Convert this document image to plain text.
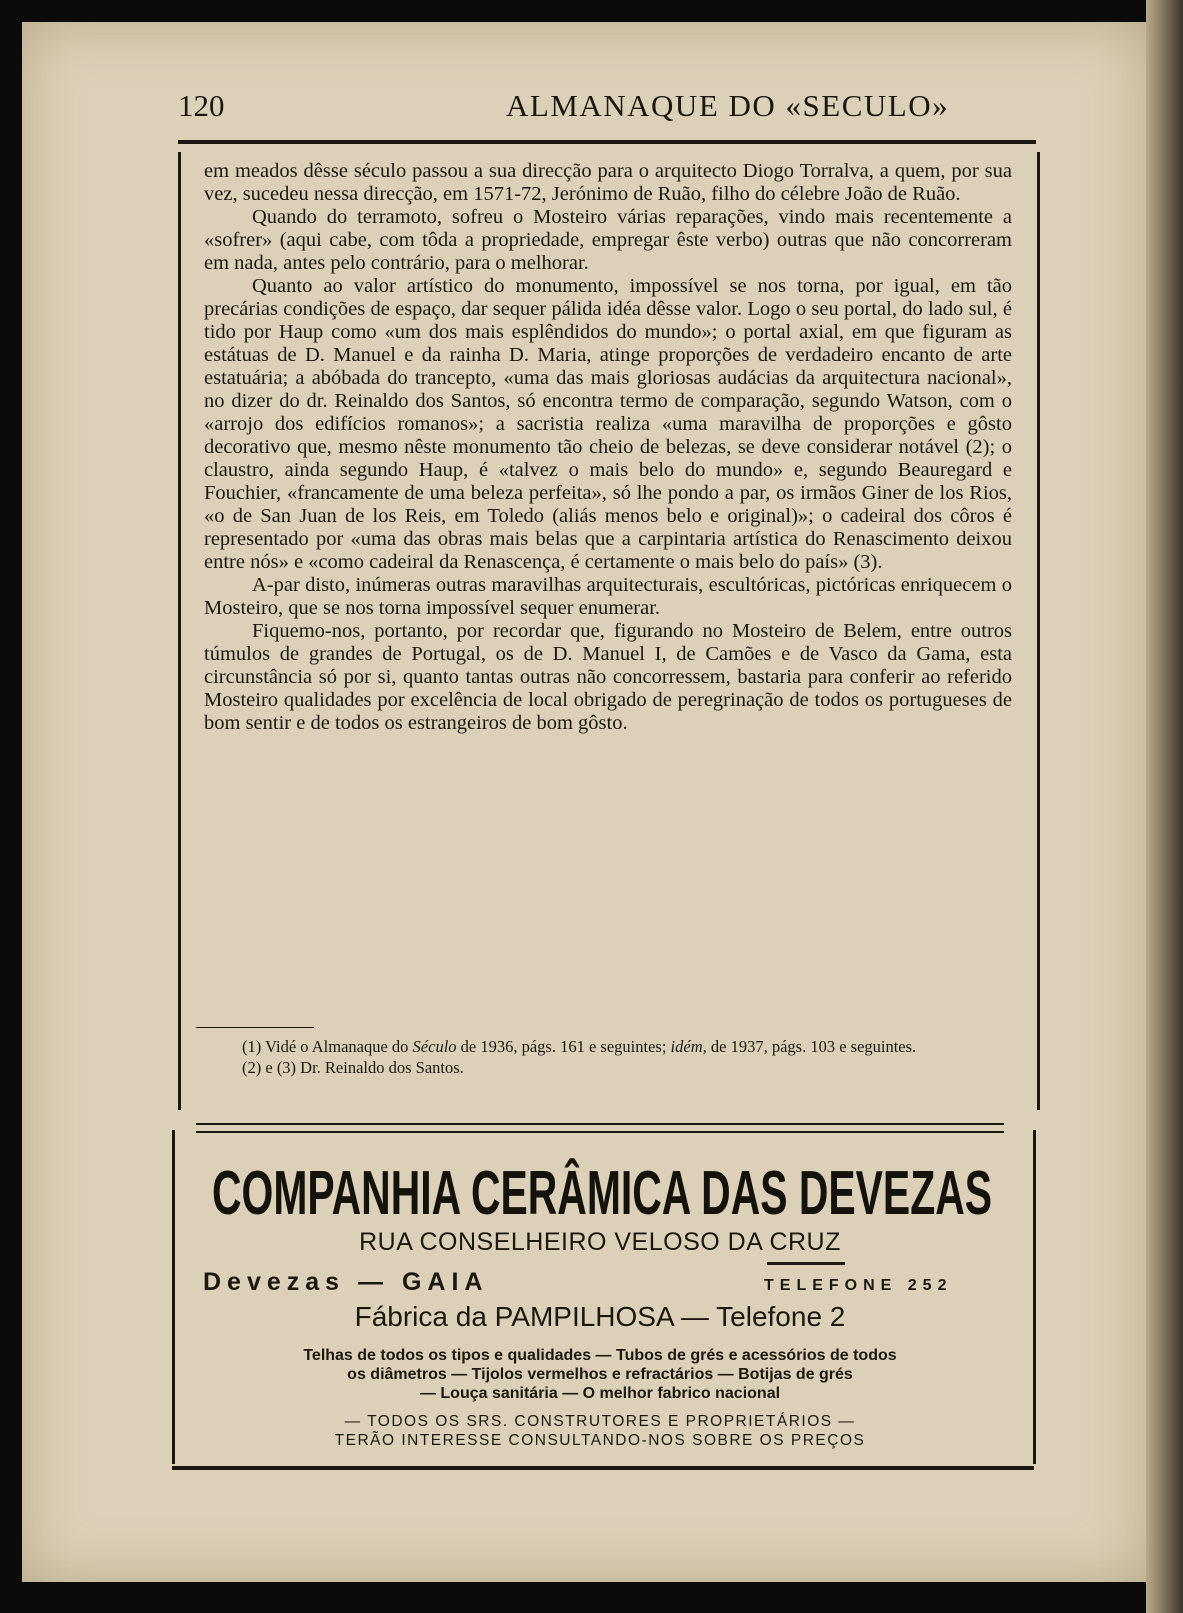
120	ALMANAQUE DO «SECULO»

em meados dêsse século passou a sua direcção para o arquitecto Diogo Torralva, a quem, por sua vez, sucedeu nessa direcção, em 1571-72, Jerónimo de Ruão, filho do célebre João de Ruão.

Quando do terramoto, sofreu o Mosteiro várias reparações, vindo mais recentemente a «sofrer» (aqui cabe, com tôda a propriedade, empregar êste verbo) outras que não concorreram em nada, antes pelo contrário, para o melhorar.

Quanto ao valor artístico do monumento, impossível se nos torna, por igual, em tão precárias condições de espaço, dar sequer pálida idéa dêsse valor. Logo o seu portal, do lado sul, é tido por Haup como «um dos mais esplêndidos do mundo»; o portal axial, em que figuram as estátuas de D. Manuel e da rainha D. Maria, atinge proporções de verdadeiro encanto de arte estatuária; a abóbada do trancepto, «uma das mais gloriosas audácias da arquitectura nacional», no dizer do dr. Reinaldo dos Santos, só encontra termo de comparação, segundo Watson, com o «arrojo dos edifícios romanos»; a sacristia realiza «uma maravilha de proporções e gôsto decorativo que, mesmo nêste monumento tão cheio de belezas, se deve considerar notável (2); o claustro, ainda segundo Haup, é «talvez o mais belo do mundo» e, segundo Beauregard e Fouchier, «francamente de uma beleza perfeita», só lhe pondo a par, os irmãos Giner de los Rios, «o de San Juan de los Reis, em Toledo (aliás menos belo e original)»; o cadeiral dos côros é representado por «uma das obras mais belas que a carpintaria artística do Renascimento deixou entre nós» e «como cadeiral da Renascença, é certamente o mais belo do país» (3).

A-par disto, inúmeras outras maravilhas arquitecturais, escultóricas, pictóricas enriquecem o Mosteiro, que se nos torna impossível sequer enumerar.

Fiquemo-nos, portanto, por recordar que, figurando no Mosteiro de Belem, entre outros túmulos de grandes de Portugal, os de D. Manuel I, de Camões e de Vasco da Gama, esta circunstância só por si, quanto tantas outras não concorressem, bastaria para conferir ao referido Mosteiro qualidades por excelência de local obrigado de peregrinação de todos os portugueses de bom sentir e de todos os estrangeiros de bom gôsto.

(1) Vidé o Almanaque do Século de 1936, págs. 161 e seguintes; idém, de 1937, págs. 103 e seguintes.

(2) e (3) Dr. Reinaldo dos Santos.

COMPANHIA CERÂMICA DAS DEVEZAS
RUA CONSELHEIRO VELOSO DA CRUZ
Devezas — GAIA	TELEFONE 252
Fábrica da PAMPILHOSA — Telefone 2
Telhas de todos os tipos e qualidades — Tubos de grés e acessórios de todos
os diâmetros — Tijolos vermelhos e refractários — Botijas de grés
— Louça sanitária — O melhor fabrico nacional
— TODOS OS SRS. CONSTRUTORES E PROPRIETÁRIOS —
TERÃO INTERESSE CONSULTANDO-NOS SOBRE OS PREÇOS
